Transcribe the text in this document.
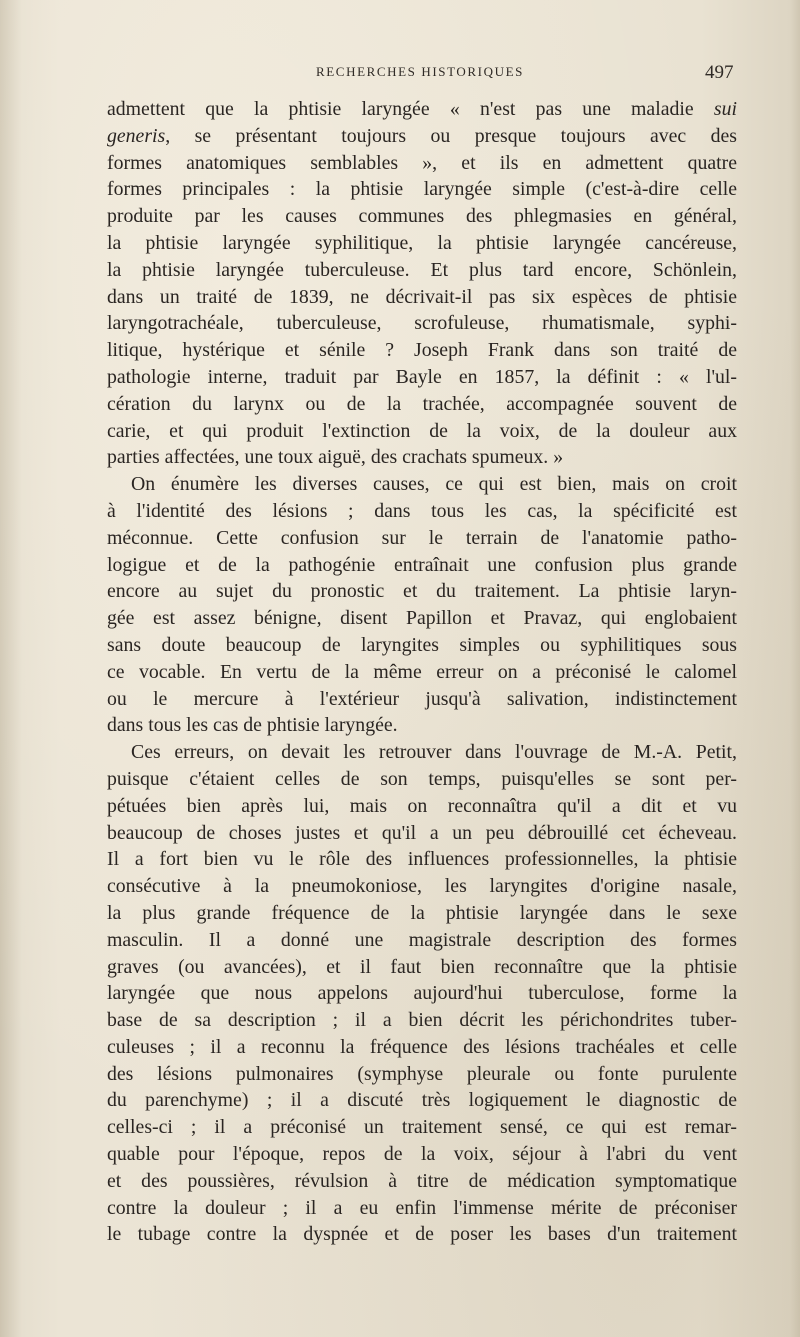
RECHERCHES HISTORIQUES	497

admettent que la phtisie laryngée « n'est pas une maladie sui

generis, se présentant toujours ou presque toujours avec des

formes anatomiques semblables », et ils en admettent quatre

formes principales : la phtisie laryngée simple (c'est-à-dire celle

produite par les causes communes des phlegmasies en général,

la phtisie laryngée syphilitique, la phtisie laryngée cancéreuse,

la phtisie laryngée tuberculeuse. Et plus tard encore, Schönlein,

dans un traité de 1839, ne décrivait-il pas six espèces de phtisie

laryngotrachéale, tuberculeuse, scrofuleuse, rhumatismale, syphi-

litique, hystérique et sénile ? Joseph Frank dans son traité de

pathologie interne, traduit par Bayle en 1857, la définit : « l'ul-

cération du larynx ou de la trachée, accompagnée souvent de

carie, et qui produit l'extinction de la voix, de la douleur aux

parties affectées, une toux aiguë, des crachats spumeux. »

On énumère les diverses causes, ce qui est bien, mais on croit

à l'identité des lésions ; dans tous les cas, la spécificité est

méconnue. Cette confusion sur le terrain de l'anatomie patho-

logigue et de la pathogénie entraînait une confusion plus grande

encore au sujet du pronostic et du traitement. La phtisie laryn-

gée est assez bénigne, disent Papillon et Pravaz, qui englobaient

sans doute beaucoup de laryngites simples ou syphilitiques sous

ce vocable. En vertu de la même erreur on a préconisé le calomel

ou le mercure à l'extérieur jusqu'à salivation, indistinctement

dans tous les cas de phtisie laryngée.

Ces erreurs, on devait les retrouver dans l'ouvrage de M.-A. Petit,

puisque c'étaient celles de son temps, puisqu'elles se sont per-

pétuées bien après lui, mais on reconnaîtra qu'il a dit et vu

beaucoup de choses justes et qu'il a un peu débrouillé cet écheveau.

Il a fort bien vu le rôle des influences professionnelles, la phtisie

consécutive à la pneumokoniose, les laryngites d'origine nasale,

la plus grande fréquence de la phtisie laryngée dans le sexe

masculin. Il a donné une magistrale description des formes

graves (ou avancées), et il faut bien reconnaître que la phtisie

laryngée que nous appelons aujourd'hui tuberculose, forme la

base de sa description ; il a bien décrit les périchondrites tuber-

culeuses ; il a reconnu la fréquence des lésions trachéales et celle

des lésions pulmonaires (symphyse pleurale ou fonte purulente

du parenchyme) ; il a discuté très logiquement le diagnostic de

celles-ci ; il a préconisé un traitement sensé, ce qui est remar-

quable pour l'époque, repos de la voix, séjour à l'abri du vent

et des poussières, révulsion à titre de médication symptomatique

contre la douleur ; il a eu enfin l'immense mérite de préconiser

le tubage contre la dyspnée et de poser les bases d'un traitement
